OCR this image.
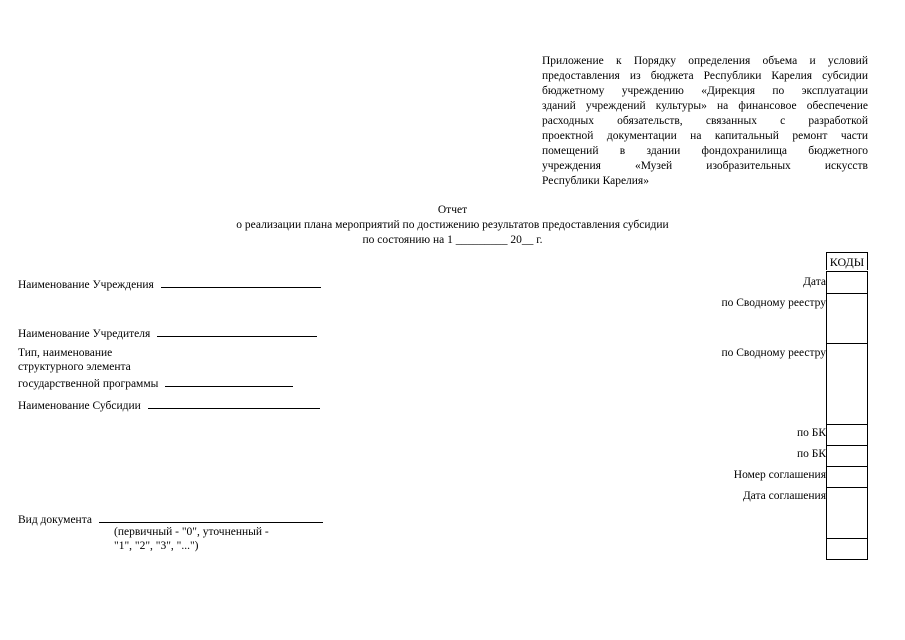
Приложение к Порядку определения объема и условий
предоставления из бюджета Республики Карелия субсидии
бюджетному учреждению «Дирекция по эксплуатации
зданий учреждений культуры» на финансовое обеспечение
расходных обязательств, связанных с разработкой
проектной документации на капитальный ремонт части
помещений в здании фондохранилища бюджетного
учреждения «Музей изобразительных искусств
Республики Карелия»
Отчет
о реализации плана мероприятий по достижению результатов предоставления субсидии
по состоянию на 1 _________ 20__ г.
КОДЫ
Дата
по Сводному реестру
по Сводному реестру
по БК
по БК
Номер соглашения
Дата соглашения
Наименование Учреждения
Наименование Учредителя
Тип, наименование
структурного элемента
государственной программы
Наименование Субсидии
Вид документа
(первичный - "0", уточненный -
"1", "2", "3", "...")
